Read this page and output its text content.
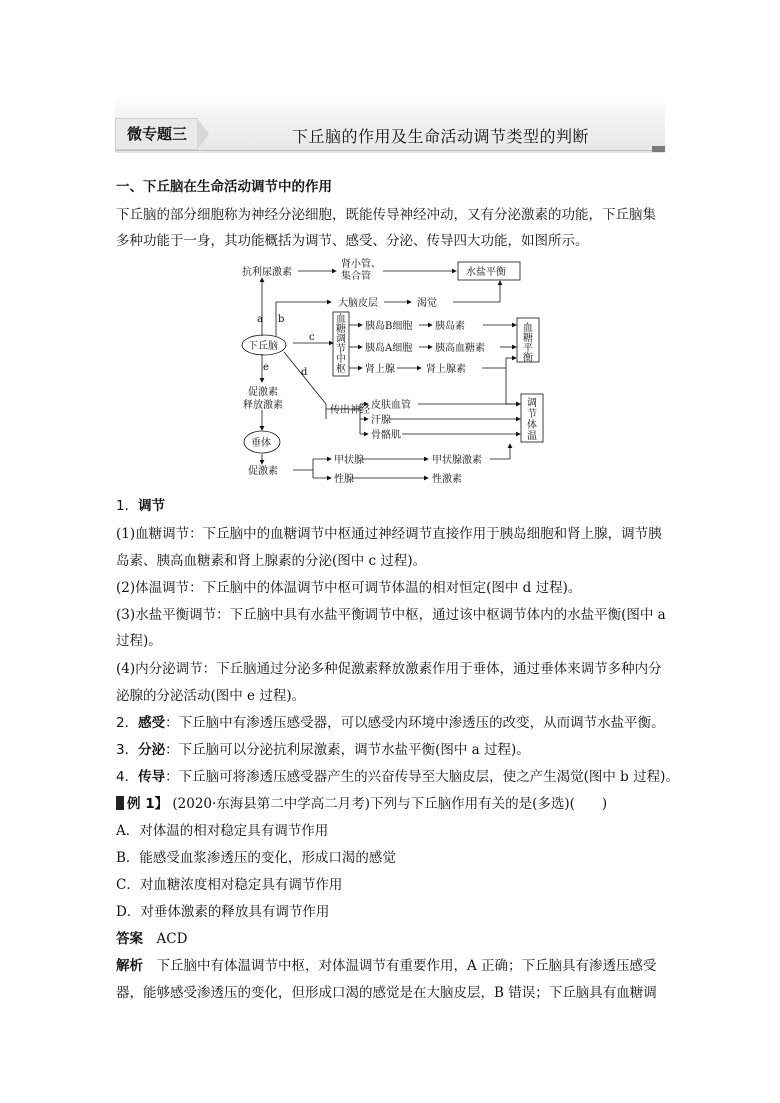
微专题三	下丘脑的作用及生命活动调节类型的判断
一、下丘脑在生命活动调节中的作用
下丘脑的部分细胞称为神经分泌细胞，既能传导神经冲动，又有分泌激素的功能，下丘脑集
多种功能于一身，其功能概括为调节、感受、分泌、传导四大功能，如图所示。
抗利尿激素
肾小管、
集合管	水盐平衡
大脑皮层	渴觉
血
糖
调
节
中
枢
胰岛B细胞 胰岛素
胰岛A细胞 胰高血糖素
肾上腺	肾上腺素
血
糖
平
衡
下丘脑
促激素
释放激素	传出神经 皮肤血管
汗腺
骨骼肌
调
节
体
温
垂体
促激素
甲状腺	甲状腺激素
性腺	性激素
a b
c
d
e
1．调节
(1)血糖调节：下丘脑中的血糖调节中枢通过神经调节直接作用于胰岛细胞和肾上腺，调节胰
岛素、胰高血糖素和肾上腺素的分泌(图中 c 过程)。
(2)体温调节：下丘脑中的体温调节中枢可调节体温的相对恒定(图中 d 过程)。
(3)水盐平衡调节：下丘脑中具有水盐平衡调节中枢，通过该中枢调节体内的水盐平衡(图中 a
过程)。
(4)内分泌调节：下丘脑通过分泌多种促激素释放激素作用于垂体，通过垂体来调节多种内分
泌腺的分泌活动(图中 e 过程)。
2．感受：下丘脑中有渗透压感受器，可以感受内环境中渗透压的改变，从而调节水盐平衡。
3．分泌：下丘脑可以分泌抗利尿激素，调节水盐平衡(图中 a 过程)。
4．传导：下丘脑可将渗透压感受器产生的兴奋传导至大脑皮层，使之产生渴觉(图中 b 过程)。
例 1】 (2020·东海县第二中学高二月考)下列与下丘脑作用有关的是(多选)(　　)
A．对体温的相对稳定具有调节作用
B．能感受血浆渗透压的变化，形成口渴的感觉
C．对血糖浓度相对稳定具有调节作用
D．对垂体激素的释放具有调节作用
答案　 ACD
解析　 下丘脑中有体温调节中枢，对体温调节有重要作用，A 正确；下丘脑具有渗透压感受
器，能够感受渗透压的变化，但形成口渴的感觉是在大脑皮层，B 错误；下丘脑具有血糖调
